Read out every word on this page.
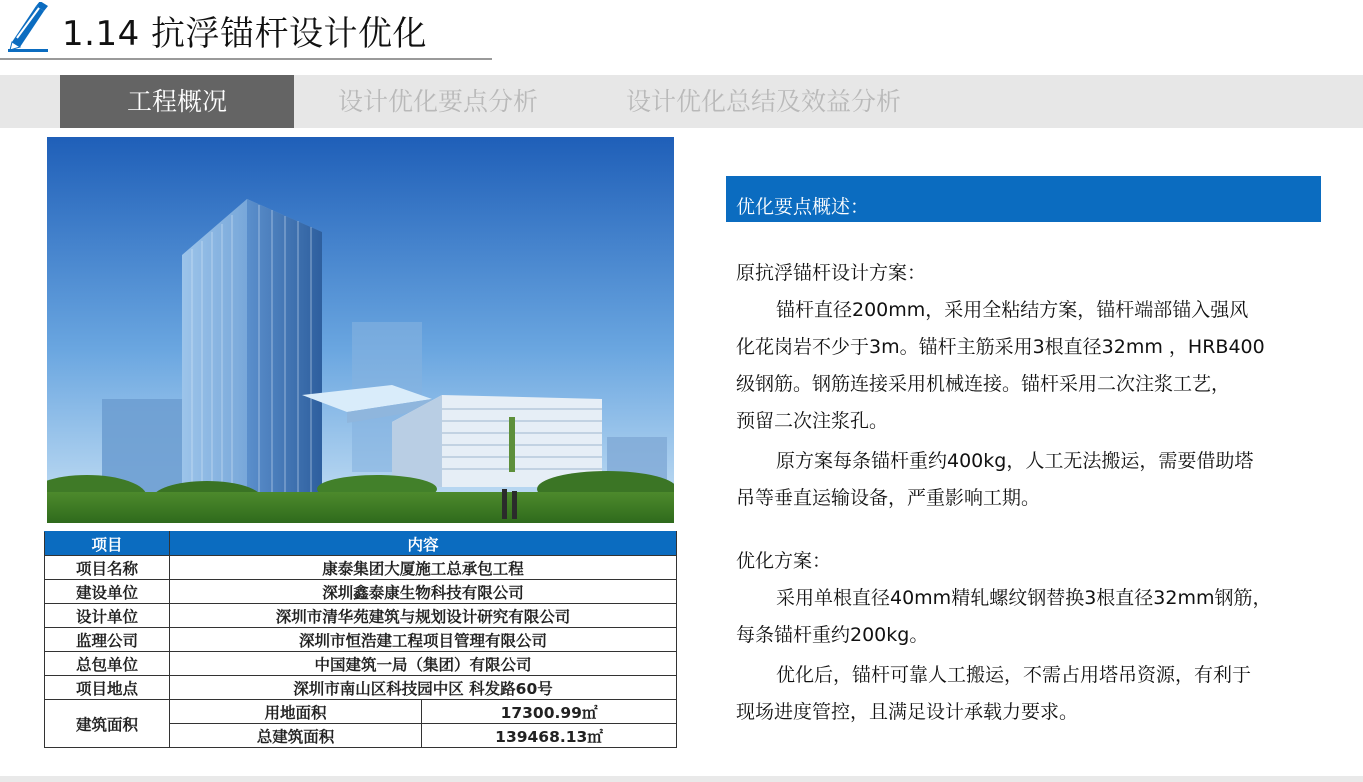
1.14 抗浮锚杆设计优化
工程概况	设计优化要点分析	设计优化总结及效益分析
项目	内容	
项目名称	康泰集团大厦施工总承包工程	
建设单位	深圳鑫泰康生物科技有限公司	
设计单位	深圳市清华苑建筑与规划设计研究有限公司	
监理公司	深圳市恒浩建工程项目管理有限公司	
总包单位	中国建筑一局（集团）有限公司	
项目地点	深圳市南山区科技园中区 科发路60号	
建筑面积	用地面积	17300.99㎡
	总建筑面积	139468.13㎡
优化要点概述：

原抗浮锚杆设计方案：

锚杆直径200mm，采用全粘结方案，锚杆端部锚入强风

化花岗岩不少于3m。锚杆主筋采用3根直径32mm ，HRB400

级钢筋。钢筋连接采用机械连接。锚杆采用二次注浆工艺，

预留二次注浆孔。

原方案每条锚杆重约400kg，人工无法搬运，需要借助塔

吊等垂直运输设备，严重影响工期。

优化方案：

采用单根直径40mm精轧螺纹钢替换3根直径32mm钢筋，

每条锚杆重约200kg。

优化后，锚杆可靠人工搬运，不需占用塔吊资源，有利于

现场进度管控，且满足设计承载力要求。
